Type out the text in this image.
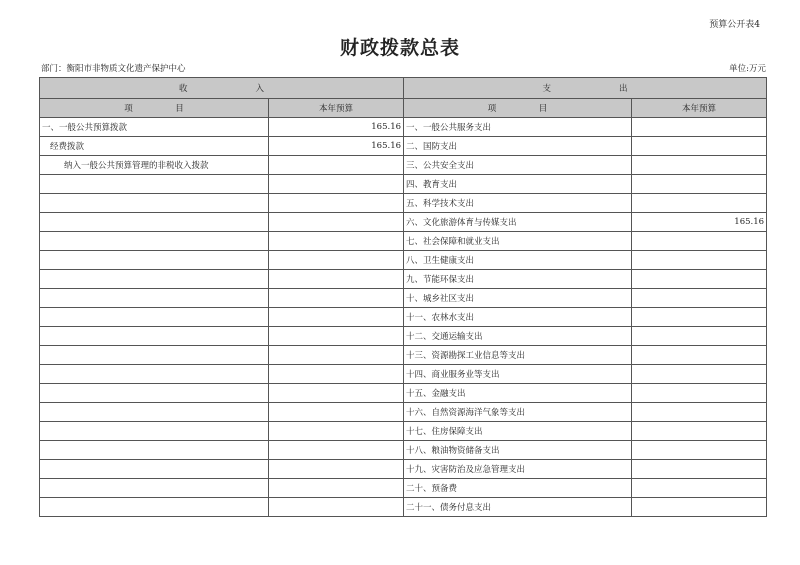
预算公开表4
财政拨款总表
部门：衡阳市非物质文化遗产保护中心	单位:万元
收　　　　　　　　入		支　　　　　　　　出	
项　　　　　目	本年预算	项　　　　　目	本年预算
一、一般公共预算拨款	165.16	一、一般公共服务支出	
经费拨款	165.16	二、国防支出	
纳入一般公共预算管理的非税收入拨款		三、公共安全支出	
		四、教育支出	
		五、科学技术支出	
		六、文化旅游体育与传媒支出	165.16
		七、社会保障和就业支出	
		八、卫生健康支出	
		九、节能环保支出	
		十、城乡社区支出	
		十一、农林水支出	
		十二、交通运输支出	
		十三、资源勘探工业信息等支出	
		十四、商业服务业等支出	
		十五、金融支出	
		十六、自然资源海洋气象等支出	
		十七、住房保障支出	
		十八、粮油物资储备支出	
		十九、灾害防治及应急管理支出	
		二十、预备费	
		二十一、债务付息支出	
